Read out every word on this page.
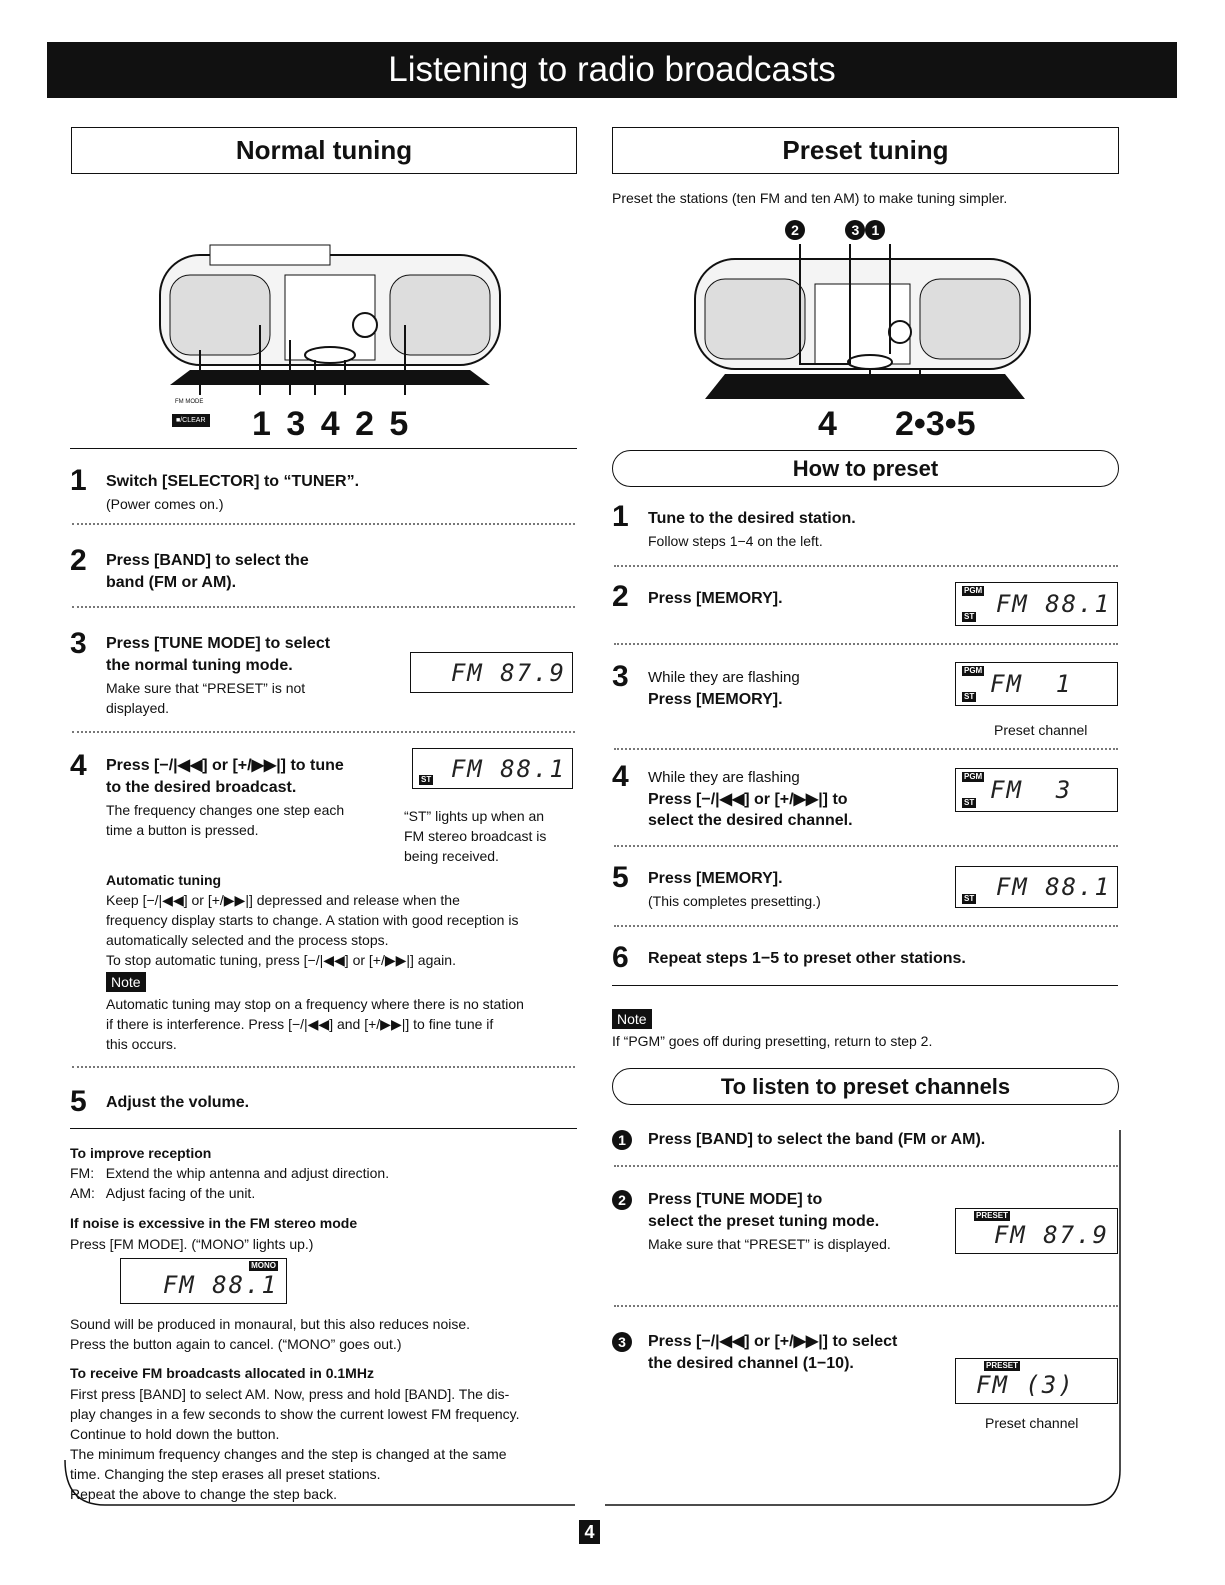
Listening to radio broadcasts
Normal tuning
FM MODE
■/CLEAR 1 3 4 2 5
1 Switch [SELECTOR] to “TUNER”.
(Power comes on.)
2 Press [BAND] to select the
band (FM or AM).
3 Press [TUNE MODE] to select
the normal tuning mode.
Make sure that “PRESET” is not
displayed.
FM 87.9
4 Press [−/|◀◀] or [+/▶▶|] to tune
to the desired broadcast.
The frequency changes one step each
time a button is pressed.
ST FM 88.1
“ST” lights up when an
FM stereo broadcast is
being received.
Automatic tuning
Keep [−/|◀◀] or [+/▶▶|] depressed and release when the
frequency display starts to change. A station with good reception is
automatically selected and the process stops.
To stop automatic tuning, press [−/|◀◀] or [+/▶▶|] again.
Note
Automatic tuning may stop on a frequency where there is no station
if there is interference. Press [−/|◀◀] and [+/▶▶|] to fine tune if
this occurs.
5 Adjust the volume.
To improve reception
FM:   Extend the whip antenna and adjust direction.
AM:   Adjust facing of the unit.
If noise is excessive in the FM stereo mode
Press [FM MODE]. (“MONO” lights up.)
MONO
FM 88.1
Sound will be produced in monaural, but this also reduces noise.
Press the button again to cancel. (“MONO” goes out.)
To receive FM broadcasts allocated in 0.1MHz
First press [BAND] to select AM. Now, press and hold [BAND]. The dis-
play changes in a few seconds to show the current lowest FM frequency.
Continue to hold down the button.
The minimum frequency changes and the step is changed at the same
time. Changing the step erases all preset stations.
Repeat the above to change the step back.
Preset tuning
Preset the stations (ten FM and ten AM) to make tuning simpler.
2	3 1
4 2•3•5
How to preset
1 Tune to the desired station.
Follow steps 1−4 on the left.
2 Press [MEMORY].	PGM
ST FM 88.1
3 While they are flashing
Press [MEMORY].
PGM
ST FM  1
Preset channel
4 While they are flashing
Press [−/|◀◀] or [+/▶▶|] to
select the desired channel.
PGM
ST FM  3
5 Press [MEMORY].
(This completes presetting.)	ST FM 88.1
6 Repeat steps 1−5 to preset other stations.
Note
If “PGM” goes off during presetting, return to step 2.
To listen to preset channels
1	Press [BAND] to select the band (FM or AM).
2	Press [TUNE MODE] to
select the preset tuning mode.
Make sure that “PRESET” is displayed.
PRESET
FM 87.9
3	Press [−/|◀◀] or [+/▶▶|] to select
the desired channel (1−10).	PRESET
FM (3)
Preset channel
4
